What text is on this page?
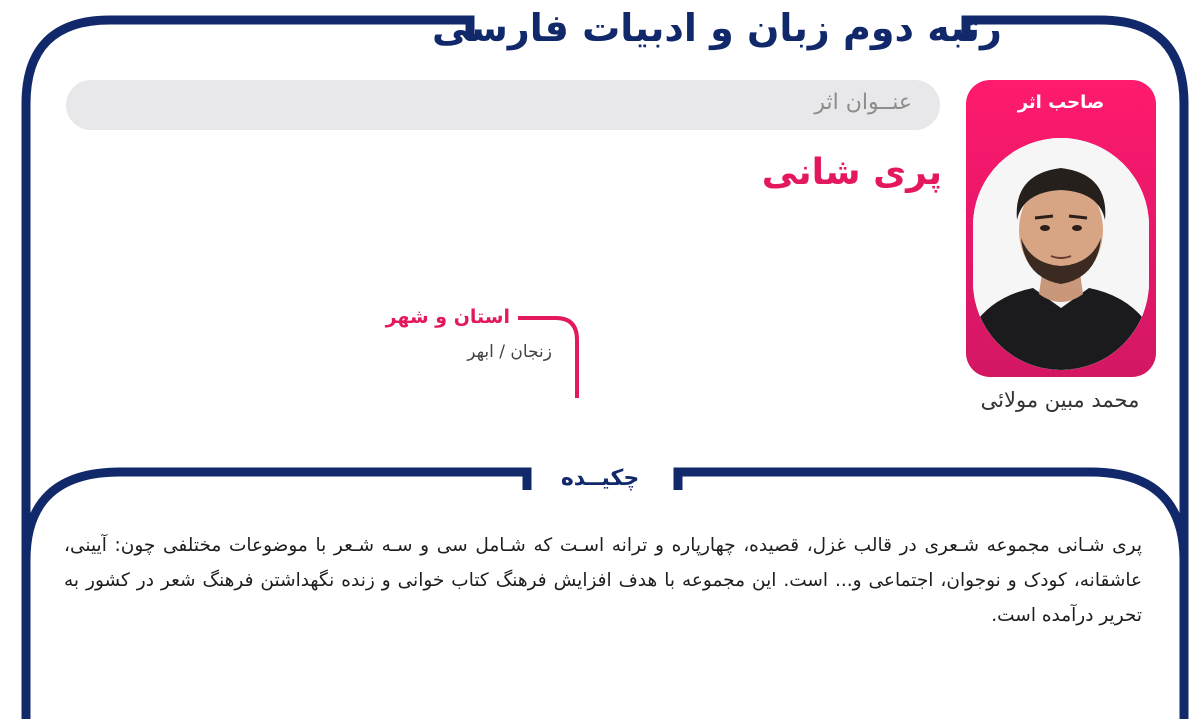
رتبه دوم زبان و ادبیات فارسی
صاحب اثر
محمد مبین مولائی
عنــوان اثر
پری شانی
استان و شهر
زنجان / ابهر
چکیــده
پری شـانی مجموعه شـعری در قالب غزل، قصیده، چهارپاره و ترانه اسـت که شـامل سی و سـه شـعر با موضوعات مختلفی چون: آیینی، عاشقانه، کودک و نوجوان، اجتماعی و... است. این مجموعه با هدف افزایش فرهنگ کتاب خوانی و زنده نگهداشتن فرهنگ شعر در کشور به تحریر درآمده است.
